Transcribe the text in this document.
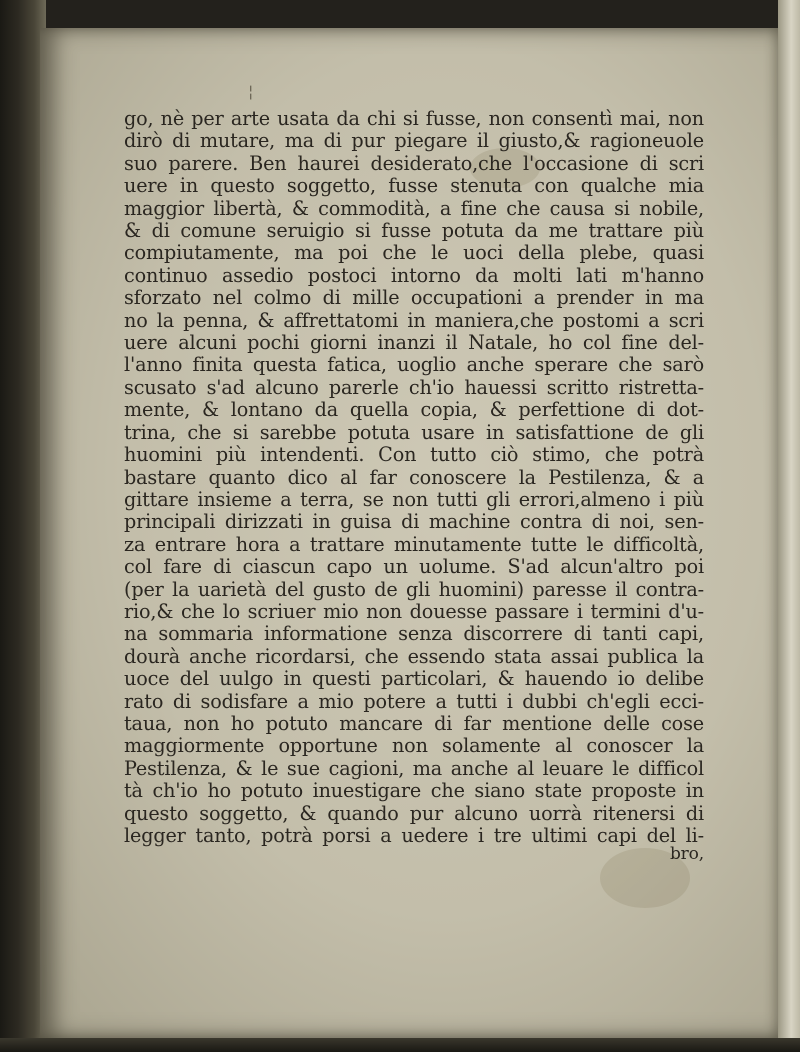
¦
go, nè per arte usata da chi si fusse, non consentì mai, non
dirò di mutare, ma di pur piegare il giusto,& ragioneuole
suo parere. Ben haurei desiderato,che l'occasione di scri
uere in questo soggetto, fusse stenuta con qualche mia
maggior libertà, & commodità, a fine che causa si nobile,
& di comune seruigio si fusse potuta da me trattare più
compiutamente, ma poi che le uoci della plebe, quasi
continuo assedio postoci intorno da molti lati m'hanno
sforzato nel colmo di mille occupationi a prender in ma
no la penna, & affrettatomi in maniera,che postomi a scri
uere alcuni pochi giorni inanzi il Natale, ho col fine del-
l'anno finita questa fatica, uoglio anche sperare che sarò
scusato s'ad alcuno parerle ch'io hauessi scritto ristretta-
mente, & lontano da quella copia, & perfettione di dot-
trina, che si sarebbe potuta usare in satisfattione de gli
huomini più intendenti. Con tutto ciò stimo, che potrà
bastare quanto dico al far conoscere la Pestilenza, & a
gittare insieme a terra, se non tutti gli errori,almeno i più
principali dirizzati in guisa di machine contra di noi, sen-
za entrare hora a trattare minutamente tutte le difficoltà,
col fare di ciascun capo un uolume. S'ad alcun'altro poi
(per la uarietà del gusto de gli huomini) paresse il contra-
rio,& che lo scriuer mio non douesse passare i termini d'u-
na sommaria informatione senza discorrere di tanti capi,
dourà anche ricordarsi, che essendo stata assai publica la
uoce del uulgo in questi particolari, & hauendo io delibe
rato di sodisfare a mio potere a tutti i dubbi ch'egli ecci-
taua, non ho potuto mancare di far mentione delle cose
maggiormente opportune non solamente al conoscer la
Pestilenza, & le sue cagioni, ma anche al leuare le difficol
tà ch'io ho potuto inuestigare che siano state proposte in
questo soggetto, & quando pur alcuno uorrà ritenersi di
legger tanto, potrà porsi a uedere i tre ultimi capi del li-
bro,
